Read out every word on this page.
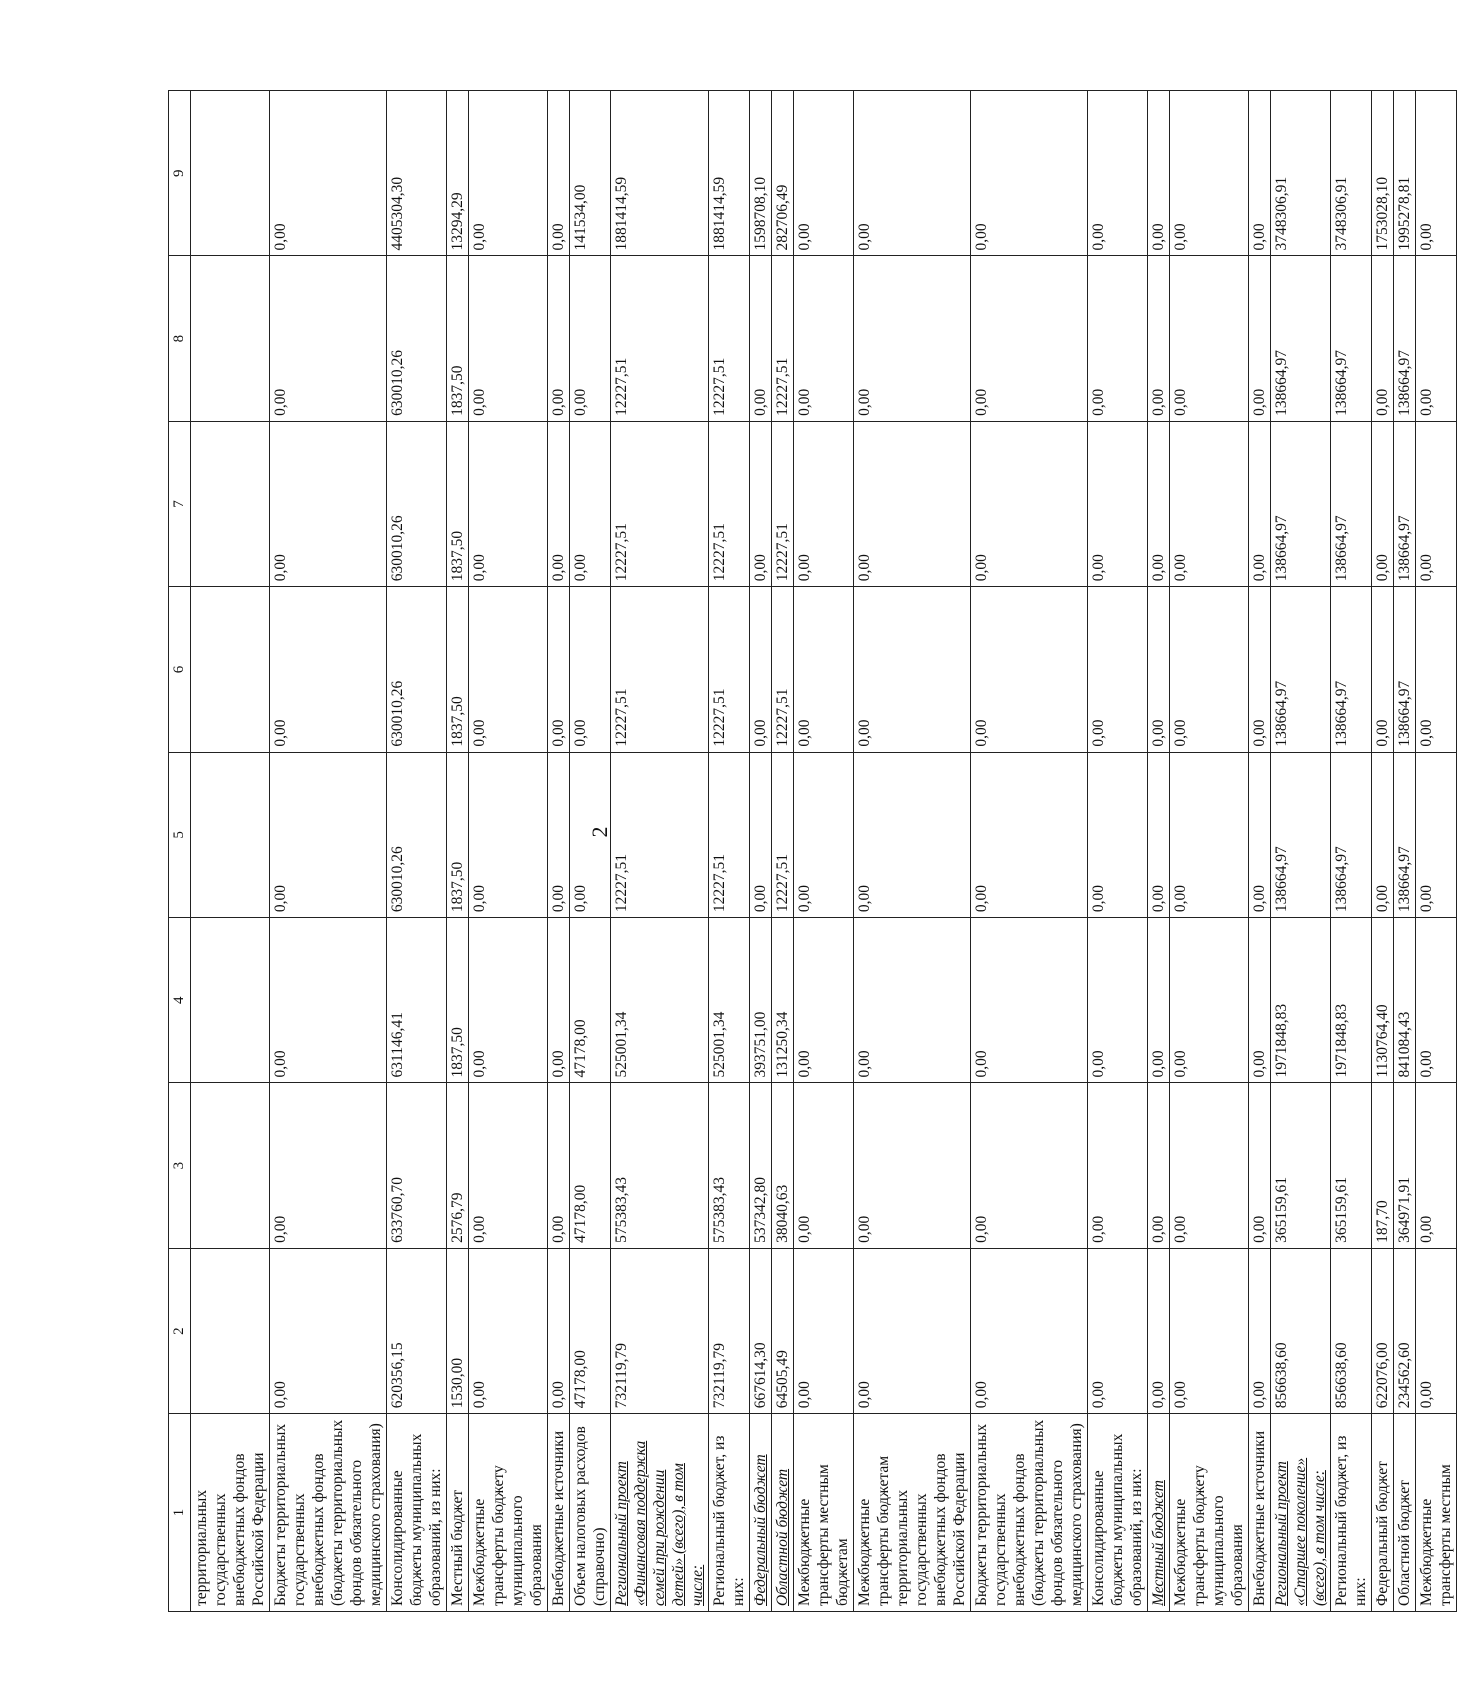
2
1	2	3	4	5	6	7	8	9
территориальных государственных внебюджетных фондов Российской Федерации								
Бюджеты территориальных государственных внебюджетных фондов (бюджеты территориальных фондов обязательного медицинского страхования)	0,00	0,00	0,00	0,00	0,00	0,00	0,00	0,00
Консолидированные бюджеты муниципальных образований, из них:	620356,15	633760,70	631146,41	630010,26	630010,26	630010,26	630010,26	4405304,30
Местный бюджет	1530,00	2576,79	1837,50	1837,50	1837,50	1837,50	1837,50	13294,29
Межбюджетные трансферты бюджету муниципального образования	0,00	0,00	0,00	0,00	0,00	0,00	0,00	0,00
Внебюджетные источники	0,00	0,00	0,00	0,00	0,00	0,00	0,00	0,00
Объем налоговых расходов (справочно)	47178,00	47178,00	47178,00	0,00	0,00	0,00	0,00	141534,00
Региональный проект «Финансовая поддержка семей при рождении детей» (всего), в том числе:	732119,79	575383,43	525001,34	12227,51	12227,51	12227,51	12227,51	1881414,59
Региональный бюджет, из них:	732119,79	575383,43	525001,34	12227,51	12227,51	12227,51	12227,51	1881414,59
Федеральный бюджет	667614,30	537342,80	393751,00	0,00	0,00	0,00	0,00	1598708,10
Областной бюджет	64505,49	38040,63	131250,34	12227,51	12227,51	12227,51	12227,51	282706,49
Межбюджетные трансферты местным бюджетам	0,00	0,00	0,00	0,00	0,00	0,00	0,00	0,00
Межбюджетные трансферты бюджетам территориальных государственных внебюджетных фондов Российской Федерации	0,00	0,00	0,00	0,00	0,00	0,00	0,00	0,00
Бюджеты территориальных государственных внебюджетных фондов (бюджеты территориальных фондов обязательного медицинского страхования)	0,00	0,00	0,00	0,00	0,00	0,00	0,00	0,00
Консолидированные бюджеты муниципальных образований, из них:	0,00	0,00	0,00	0,00	0,00	0,00	0,00	0,00
Местный бюджет	0,00	0,00	0,00	0,00	0,00	0,00	0,00	0,00
Межбюджетные трансферты бюджету муниципального образования	0,00	0,00	0,00	0,00	0,00	0,00	0,00	0,00
Внебюджетные источники	0,00	0,00	0,00	0,00	0,00	0,00	0,00	0,00
Региональный проект «Старшее поколение» (всего), в том числе:	856638,60	365159,61	1971848,83	138664,97	138664,97	138664,97	138664,97	3748306,91
Региональный бюджет, из них:	856638,60	365159,61	1971848,83	138664,97	138664,97	138664,97	138664,97	3748306,91
Федеральный бюджет	622076,00	187,70	1130764,40	0,00	0,00	0,00	0,00	1753028,10
Областной бюджет	234562,60	364971,91	841084,43	138664,97	138664,97	138664,97	138664,97	1995278,81
Межбюджетные трансферты местным	0,00	0,00	0,00	0,00	0,00	0,00	0,00	0,00
